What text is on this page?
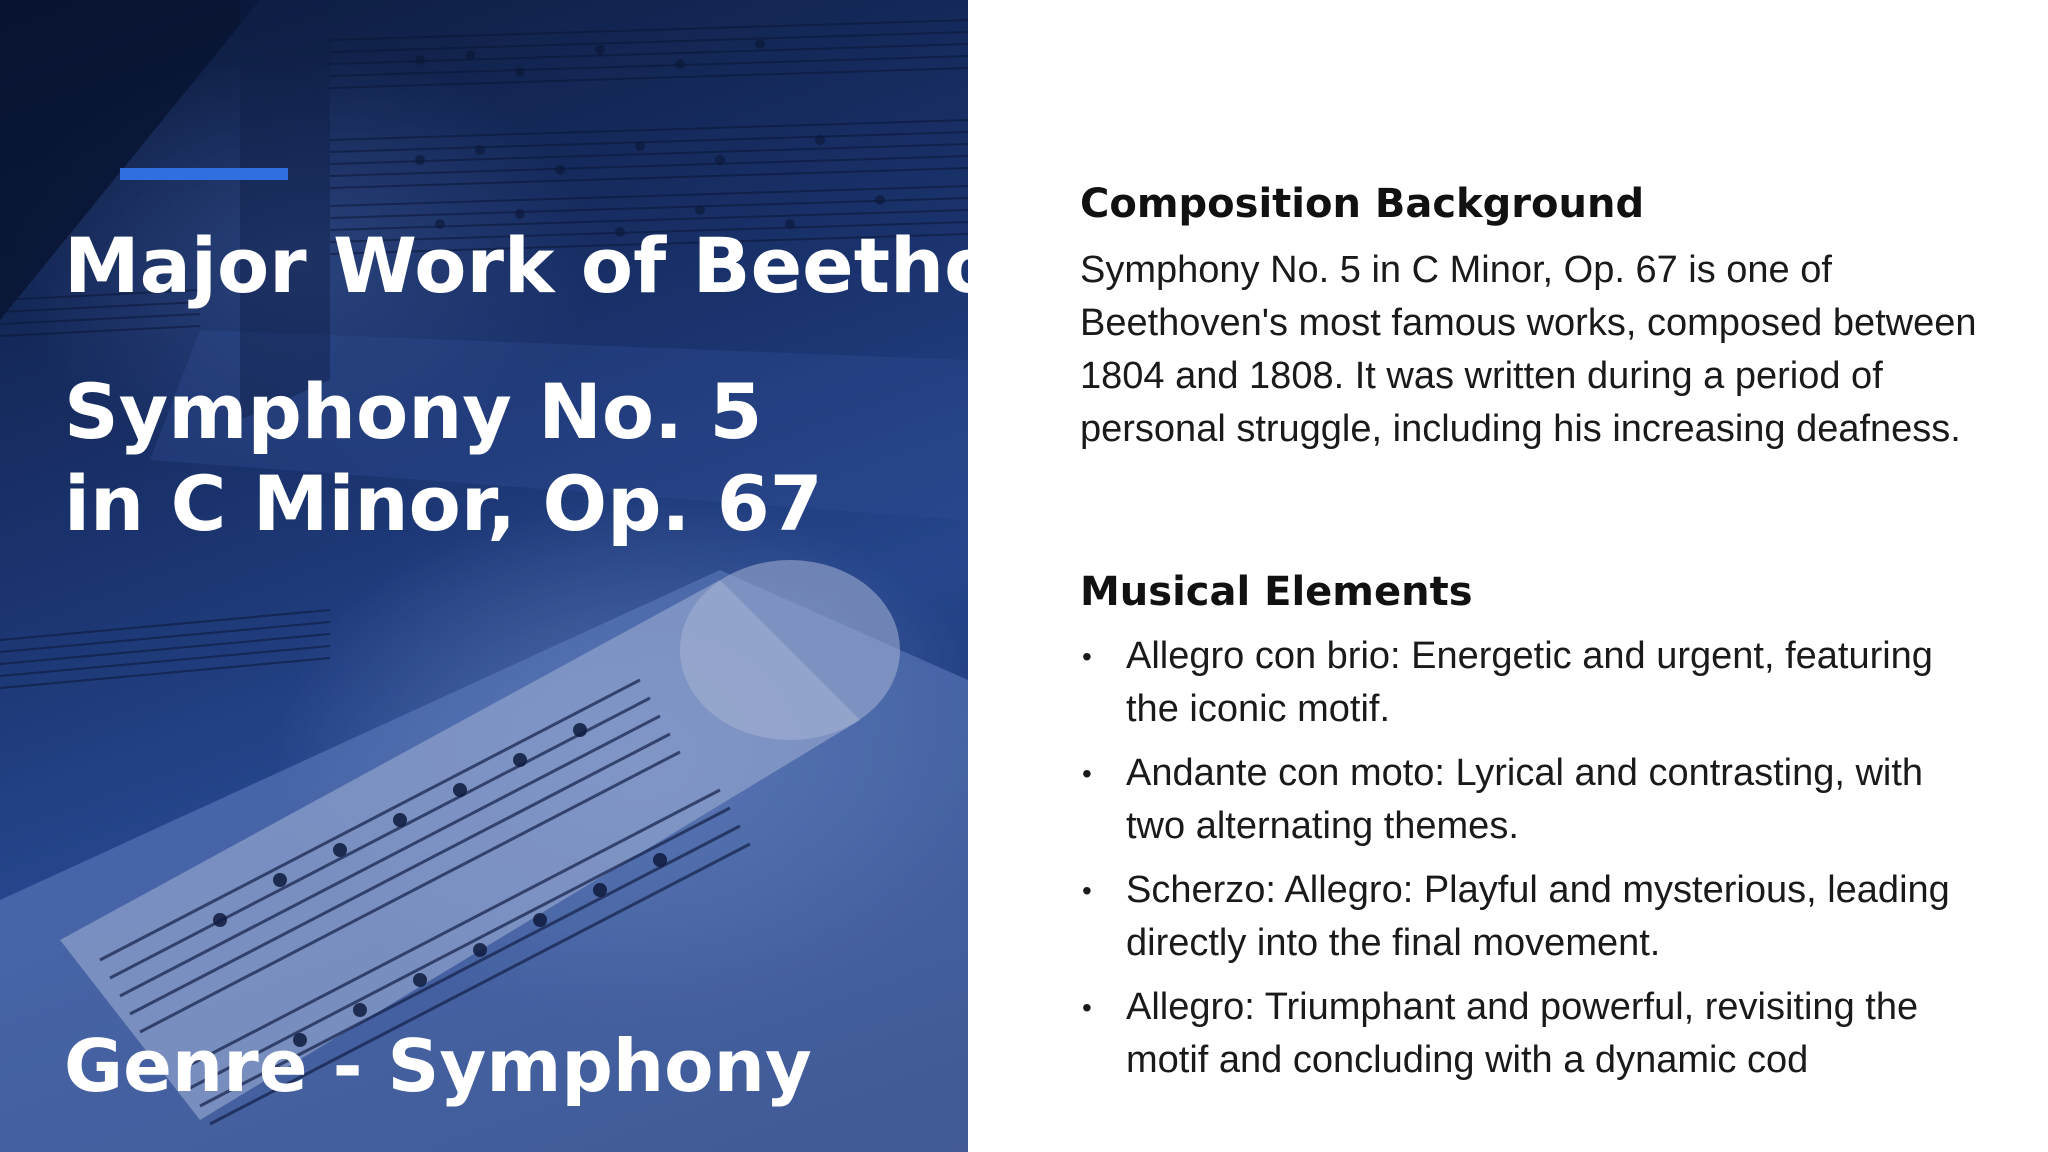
Major Work of Beethoven
Symphony No. 5
in C Minor, Op. 67
Genre - Symphony
Composition Background

Symphony No. 5 in C Minor, Op. 67 is one of Beethoven's most famous works, composed between 1804 and 1808. It was written during a period of personal struggle, including his increasing deafness.

Musical Elements
• Allegro con brio: Energetic and urgent, featuring the iconic motif.
• Andante con moto: Lyrical and contrasting, with two alternating themes.
• Scherzo: Allegro: Playful and mysterious, leading directly into the final movement.
• Allegro: Triumphant and powerful, revisiting the motif and concluding with a dynamic cod
